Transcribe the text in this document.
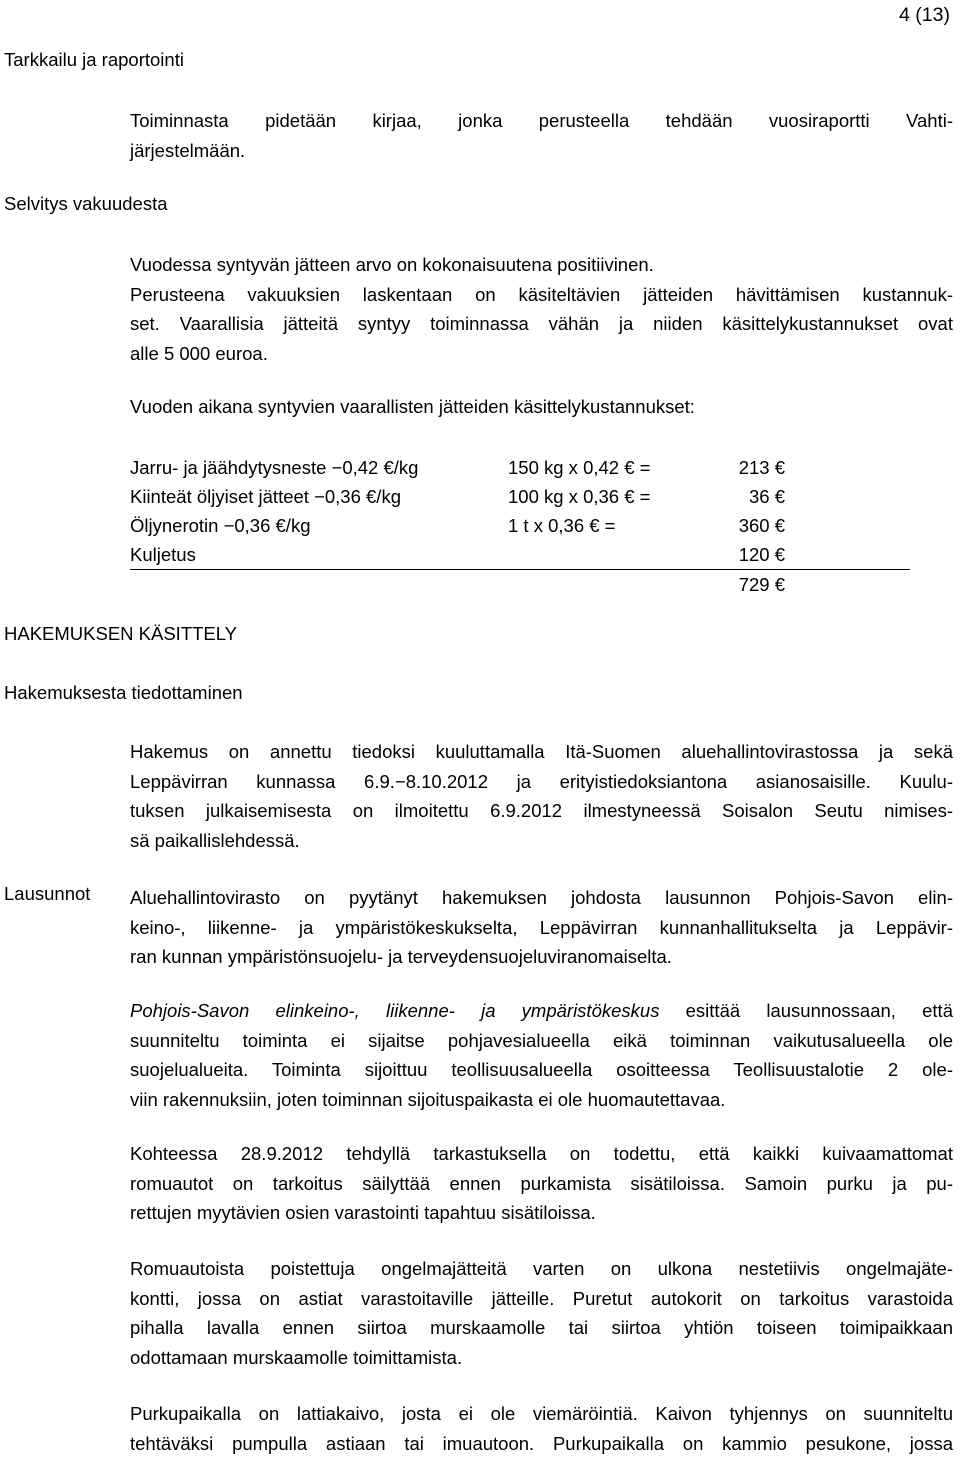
4 (13)
Tarkkailu ja raportointi
Toiminnasta pidetään kirjaa, jonka perusteella tehdään vuosiraportti Vahti-
järjestelmään.
Selvitys vakuudesta
Vuodessa syntyvän jätteen arvo on kokonaisuutena positiivinen.
Perusteena vakuuksien laskentaan on käsiteltävien jätteiden hävittämisen kustannuk-
set. Vaarallisia jätteitä syntyy toiminnassa vähän ja niiden käsittelykustannukset ovat
alle 5 000 euroa.
Vuoden aikana syntyvien vaarallisten jätteiden käsittelykustannukset:
Jarru- ja jäähdytysneste −0,42 €/kg	150 kg x 0,42 € =	213 €	
Kiinteät öljyiset jätteet −0,36 €/kg	100 kg x 0,36 € =	36 €	
Öljynerotin −0,36 €/kg	1 t x 0,36 € =	360 €	
Kuljetus		120 €	
		729 €	
HAKEMUKSEN KÄSITTELY
Hakemuksesta tiedottaminen
Hakemus on annettu tiedoksi kuuluttamalla Itä-Suomen aluehallintovirastossa ja sekä
Leppävirran kunnassa 6.9.−8.10.2012 ja erityistiedoksiantona asianosaisille. Kuulu-
tuksen julkaisemisesta on ilmoitettu 6.9.2012 ilmestyneessä Soisalon Seutu nimises-
sä paikallislehdessä.
Lausunnot Aluehallintovirasto on pyytänyt hakemuksen johdosta lausunnon Pohjois-Savon elin-
keino-, liikenne- ja ympäristökeskukselta, Leppävirran kunnanhallitukselta ja Leppävir-
ran kunnan ympäristönsuojelu- ja terveydensuojeluviranomaiselta.
Pohjois-Savon elinkeino-, liikenne- ja ympäristökeskus esittää lausunnossaan, että
suunniteltu toiminta ei sijaitse pohjavesialueella eikä toiminnan vaikutusalueella ole
suojelualueita. Toiminta sijoittuu teollisuusalueella osoitteessa Teollisuustalotie 2 ole-
viin rakennuksiin, joten toiminnan sijoituspaikasta ei ole huomautettavaa.
Kohteessa 28.9.2012 tehdyllä tarkastuksella on todettu, että kaikki kuivaamattomat
romuautot on tarkoitus säilyttää ennen purkamista sisätiloissa. Samoin purku ja pu-
rettujen myytävien osien varastointi tapahtuu sisätiloissa.
Romuautoista poistettuja ongelmajätteitä varten on ulkona nestetiivis ongelmajäte-
kontti, jossa on astiat varastoitaville jätteille. Puretut autokorit on tarkoitus varastoida
pihalla lavalla ennen siirtoa murskaamolle tai siirtoa yhtiön toiseen toimipaikkaan
odottamaan murskaamolle toimittamista.
Purkupaikalla on lattiakaivo, josta ei ole viemäröintiä. Kaivon tyhjennys on suunniteltu
tehtäväksi pumpulla astiaan tai imuautoon. Purkupaikalla on kammio pesukone, jossa
